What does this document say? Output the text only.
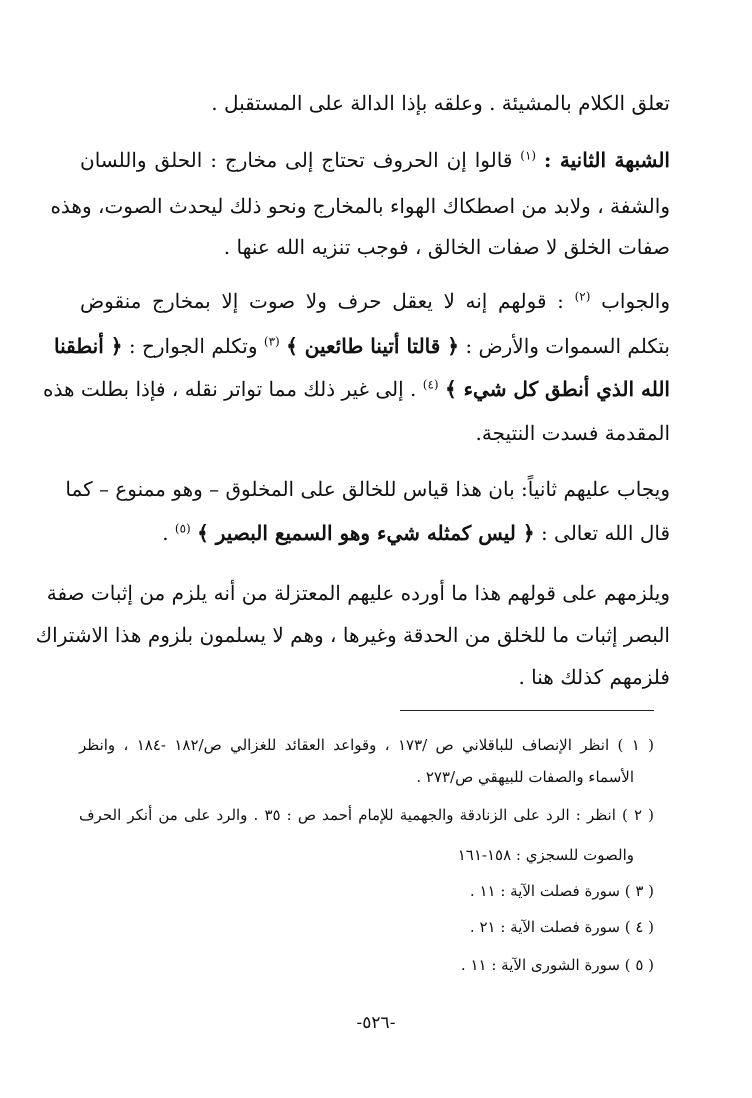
تعلق الكلام بالمشيئة . وعلقه بإذا الدالة على المستقبل .
الشبهة الثانية : $^{(١)}$ قالوا إن الحروف تحتاج إلى مخارج : الحلق واللسان
والشفة ، ولابد من اصطكاك الهواء بالمخارج ونحو ذلك ليحدث الصوت، وهذه
صفات الخلق لا صفات الخالق ، فوجب تنزيه الله عنها .
والجواب $^{(٢)}$ : قولهم إنه لا يعقل حرف ولا صوت إلا بمخارج منقوض
بتكلم السموات والأرض : ﴿ قالتا أتينا طائعين ﴾ $^{(٣)}$ وتكلم الجوارح : ﴿ أنطقنا
الله الذي أنطق كل شيء ﴾ $^{(٤)}$ . إلى غير ذلك مما تواتر نقله ، فإذا بطلت هذه
المقدمة فسدت النتيجة.
ويجاب عليهم ثانياً: بان هذا قياس للخالق على المخلوق – وهو ممنوع – كما
قال الله تعالى : ﴿ ليس كمثله شيء وهو السميع البصير ﴾ $^{(٥)}$ .
ويلزمهم على قولهم هذا ما أورده عليهم المعتزلة من أنه يلزم من إثبات صفة
البصر إثبات ما للخلق من الحدقة وغيرها ، وهم لا يسلمون بلزوم هذا الاشتراك
فلزمهم كذلك هنا .
( ١ ) انظر الإنصاف للباقلاني ص /١٧٣ ، وقواعد العقائد للغزالي ص/١٨٢ -١٨٤ ، وانظر
الأسماء والصفات للبيهقي ص/٢٧٣ .
( ٢ ) انظر : الرد على الزنادقة والجهمية للإمام أحمد ص : ٣٥ . والرد على من أنكر الحرف
والصوت للسجزي : ١٥٨-١٦١
( ٣ ) سورة فصلت الآية : ١١ .
( ٤ ) سورة فصلت الآية : ٢١ .
( ٥ ) سورة الشورى الآية : ١١ .
-٥٢٦-
